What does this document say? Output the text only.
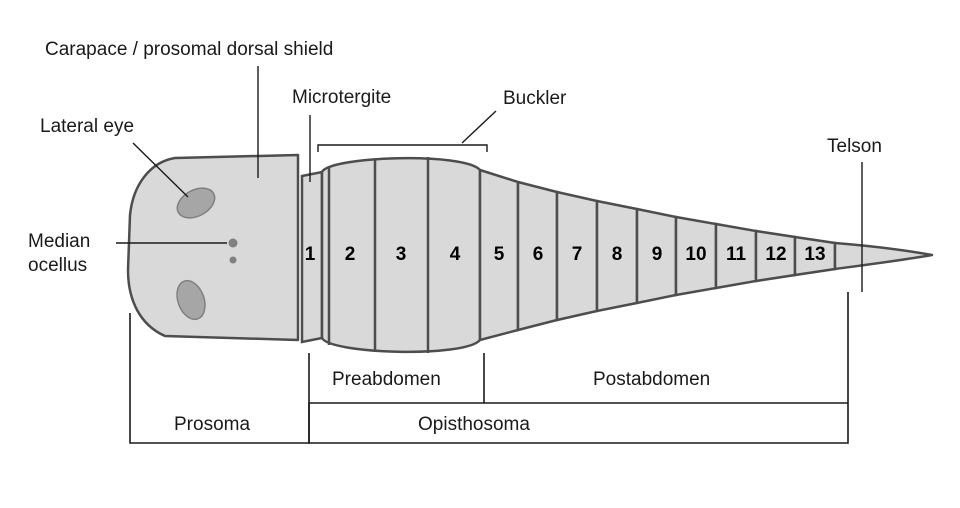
Carapace / prosomal dorsal shield
Lateral eye
Median
ocellus
Microtergite	Buckler
Telson
Prosoma	Opisthosoma
Preabdomen	Postabdomen
1 2 3 4 5 6 7 8 9 10 11 12 13
